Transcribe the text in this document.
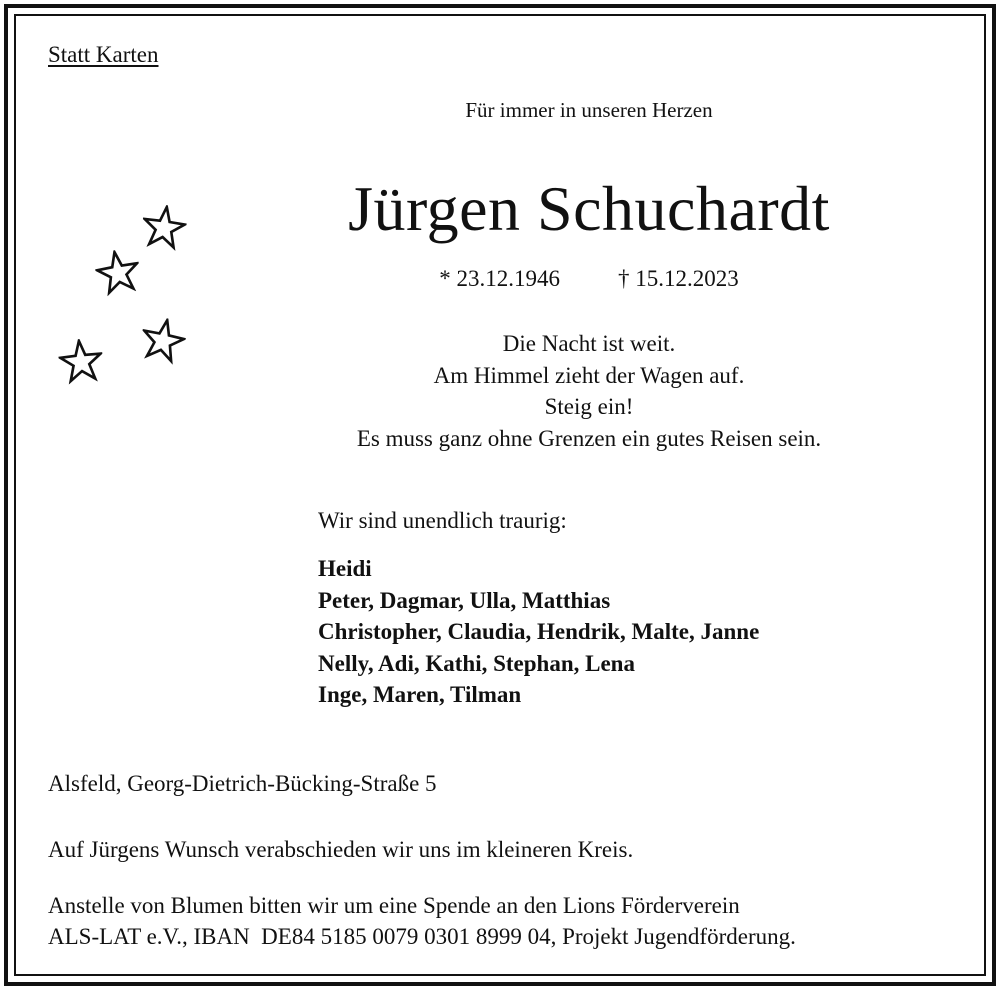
Statt Karten
Für immer in unseren Herzen
Jürgen Schuchardt
* 23.12.1946	† 15.12.2023
Die Nacht ist weit.
Am Himmel zieht der Wagen auf.
Steig ein!
Es muss ganz ohne Grenzen ein gutes Reisen sein.
Wir sind unendlich traurig:
Heidi
Peter, Dagmar, Ulla, Matthias
Christopher, Claudia, Hendrik, Malte, Janne
Nelly, Adi, Kathi, Stephan, Lena
Inge, Maren, Tilman
Alsfeld, Georg-Dietrich-Bücking-Straße 5
Auf Jürgens Wunsch verabschieden wir uns im kleineren Kreis.
Anstelle von Blumen bitten wir um eine Spende an den Lions Förderverein
ALS-LAT e.V., IBAN  DE84 5185 0079 0301 8999 04, Projekt Jugendförderung.
